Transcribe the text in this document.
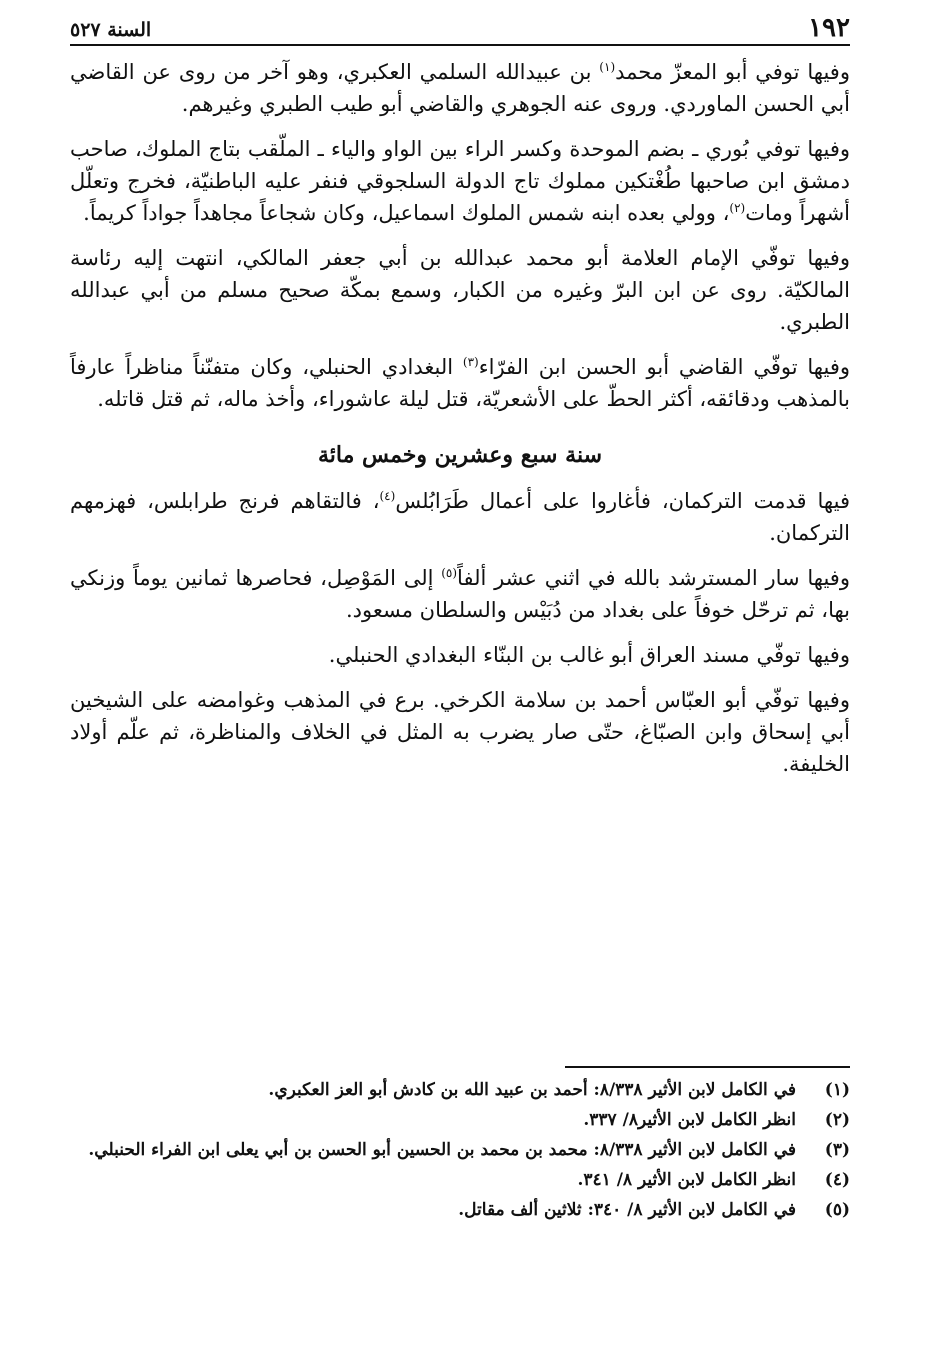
١٩٢
السنة ٥٢٧

وفيها توفي أبو المعزّ محمد$^{(١)}$ بن عبيدالله السلمي العكبري، وهو آخر من روى عن القاضي أبي الحسن الماوردي. وروى عنه الجوهري والقاضي أبو طيب الطبري وغيرهم.

وفيها توفي بُوري ـ بضم الموحدة وكسر الراء بين الواو والياء ـ الملّقب بتاج الملوك، صاحب دمشق ابن صاحبها طُغْتكين مملوك تاج الدولة السلجوقي فنفر عليه الباطنيّة، فخرج وتعلّل أشهراً ومات$^{(٢)}$، وولي بعده ابنه شمس الملوك اسماعيل، وكان شجاعاً مجاهداً جواداً كريماً.

وفيها توفّي الإمام العلامة أبو محمد عبدالله بن أبي جعفر المالكي، انتهت إليه رئاسة المالكيّة. روى عن ابن البرّ وغيره من الكبار، وسمع بمكّة صحيح مسلم من أبي عبدالله الطبري.

وفيها توفّي القاضي أبو الحسن ابن الفرّاء$^{(٣)}$ البغدادي الحنبلي، وكان متفنّناً مناظراً عارفاً بالمذهب ودقائقه، أكثر الحطّ على الأشعريّة، قتل ليلة عاشوراء، وأخذ ماله، ثم قتل قاتله.

سنة سبع وعشرين وخمس مائة

فيها قدمت التركمان، فأغاروا على أعمال طَرَابُلس$^{(٤)}$، فالتقاهم فرنج طرابلس، فهزمهم التركمان.

وفيها سار المسترشد بالله في اثني عشر ألفاً$^{(٥)}$ إلى المَوْصِل، فحاصرها ثمانين يوماً وزنكي بها، ثم ترحّل خوفاً على بغداد من دُبَيْس والسلطان مسعود.

وفيها توفّي مسند العراق أبو غالب بن البنّاء البغدادي الحنبلي.

وفيها توفّي أبو العبّاس أحمد بن سلامة الكرخي. برع في المذهب وغوامضه على الشيخين أبي إسحاق وابن الصبّاغ، حتّى صار يضرب به المثل في الخلاف والمناظرة، ثم علّم أولاد الخليفة.

(١)
في الكامل لابن الأثير ٨/٣٣٨: أحمد بن عبيد الله بن كادش أبو العز العكبري.
(٢)
انظر الكامل لابن الأثير٨/ ٣٣٧.
(٣)
في الكامل لابن الأثير ٨/٣٣٨: محمد بن محمد بن الحسين أبو الحسن بن أبي يعلى ابن الفراء الحنبلي.
(٤)
انظر الكامل لابن الأثير ٨/ ٣٤١.
(٥)
في الكامل لابن الأثير ٨/ ٣٤٠: ثلاثين ألف مقاتل.
